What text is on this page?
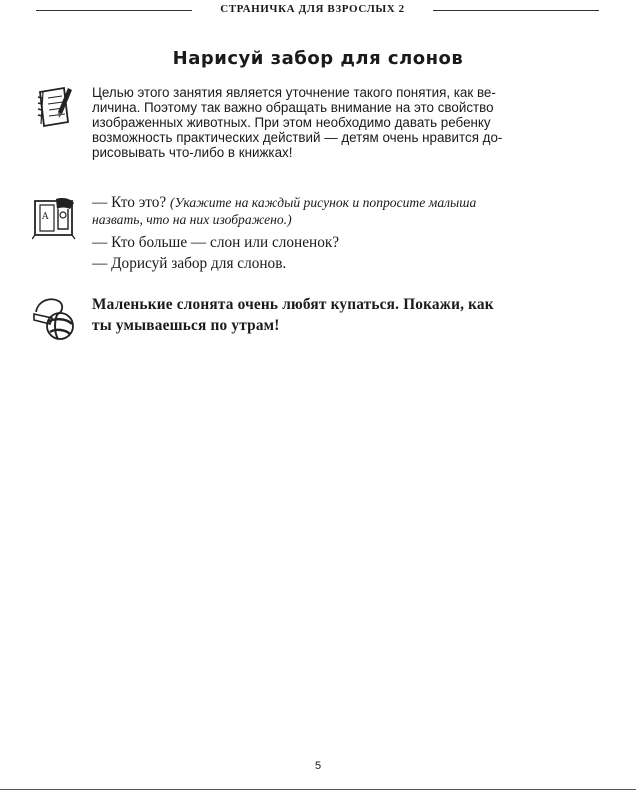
СТРАНИЧКА ДЛЯ ВЗРОСЛЫХ 2
Нарисуй забор для слонов
Целью этого занятия является уточнение такого понятия, как ве-
личина. Поэтому так важно обращать внимание на это свойство
изображенных животных. При этом необходимо давать ребенку
возможность практических действий — детям очень нравится до-
рисовывать что-либо в книжках!
A
— Кто это? (Укажите на каждый рисунок и попросите малыша
назвать, что на них изображено.)
— Кто больше — слон или слоненок?
— Дорисуй забор для слонов.
Маленькие слонята очень любят купаться. Покажи, как
ты умываешься по утрам!
5
